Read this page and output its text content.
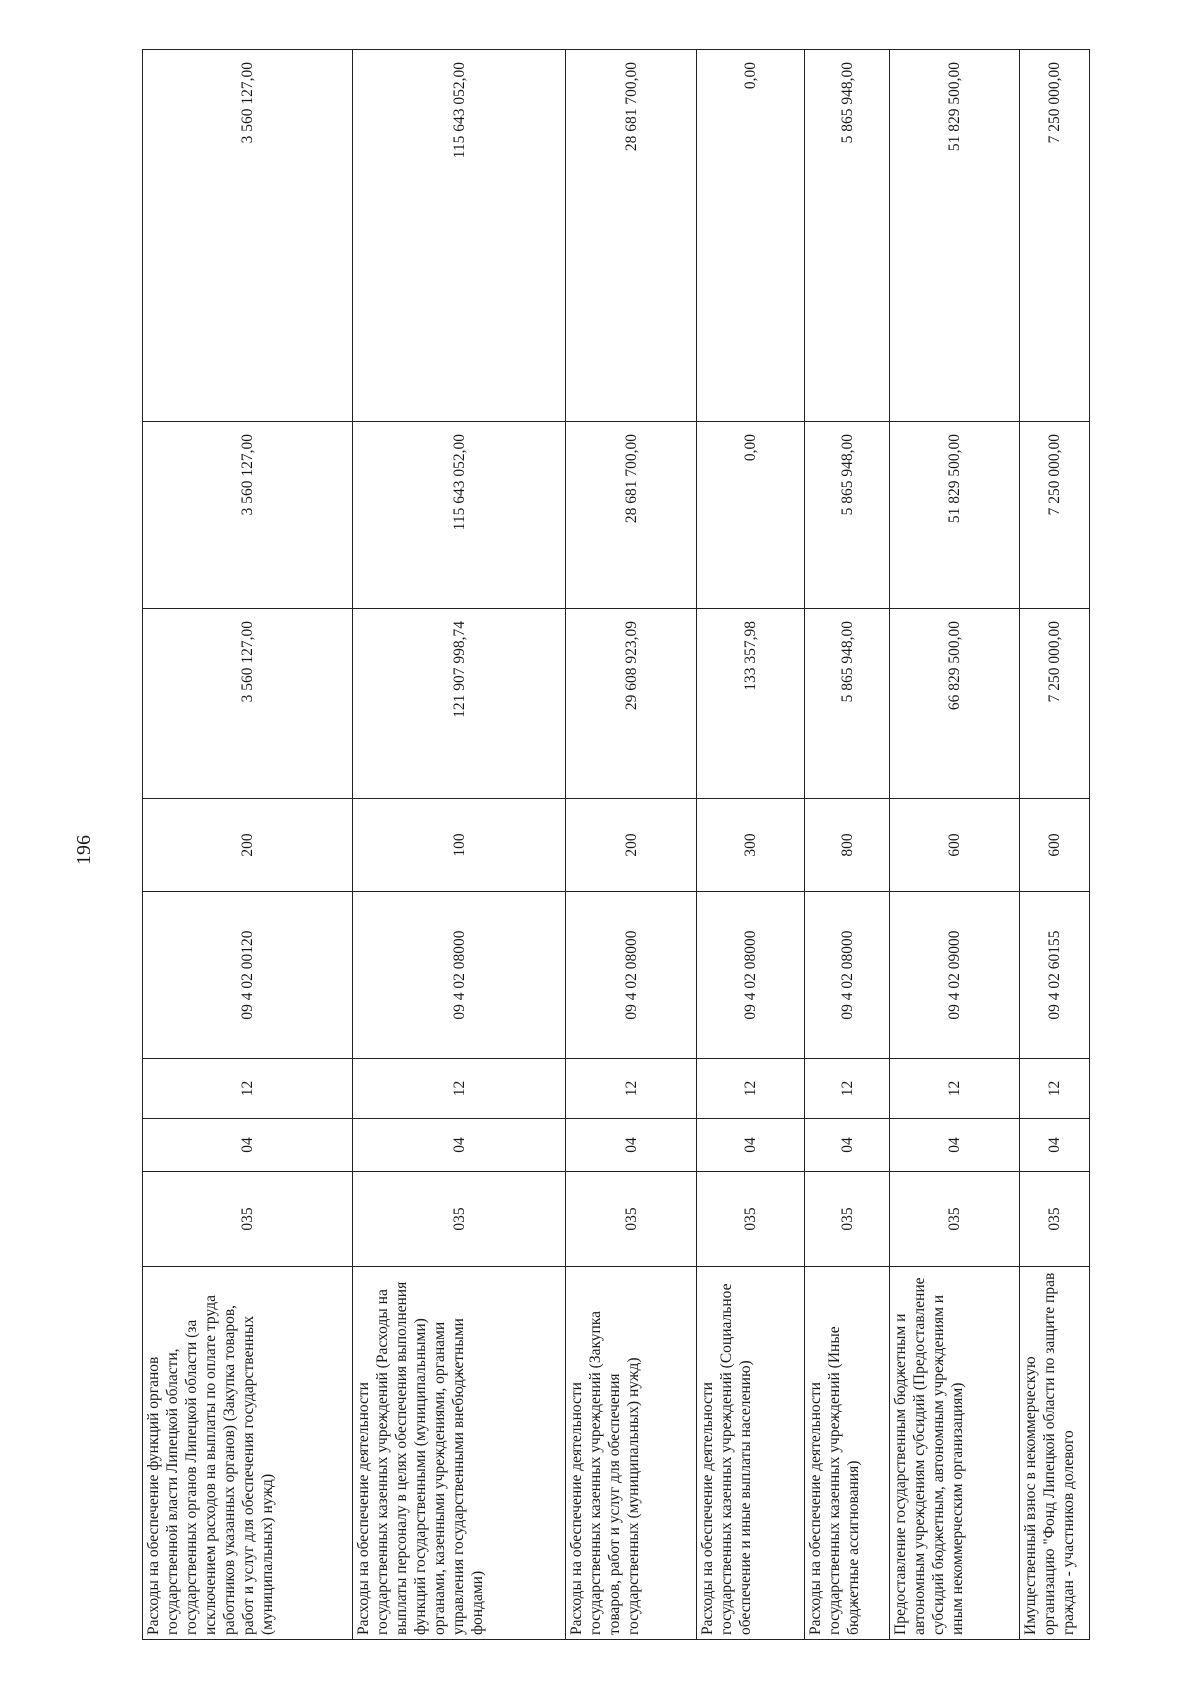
196
Расходы на обеспечение функций органов государственной власти Липецкой области, государственных органов Липецкой области (за исключением расходов на выплаты по оплате труда работников указанных органов) (Закупка товаров, работ и услуг для обеспечения государственных (муниципальных) нужд)	035	04	12	09 4 02 00120	200	3 560 127,00	3 560 127,00	3 560 127,00

Расходы на обеспечение деятельности государственных казенных учреждений (Расходы на выплаты персоналу в целях обеспечения выполнения функций государственными (муниципальными) органами, казенными учреждениями, органами управления государственными внебюджетными фондами)	035	04	12	09 4 02 08000	100	121 907 998,74	115 643 052,00	115 643 052,00

Расходы на обеспечение деятельности государственных казенных учреждений (Закупка товаров, работ и услуг для обеспечения государственных (муниципальных) нужд)	035	04	12	09 4 02 08000	200	29 608 923,09	28 681 700,00	28 681 700,00

Расходы на обеспечение деятельности государственных казенных учреждений (Социальное обеспечение и иные выплаты населению)	035	04	12	09 4 02 08000	300	133 357,98	0,00	0,00

Расходы на обеспечение деятельности государственных казенных учреждений (Иные бюджетные ассигнования)	035	04	12	09 4 02 08000	800	5 865 948,00	5 865 948,00	5 865 948,00

Предоставление государственным бюджетным и автономным учреждениям субсидий (Предоставление субсидий бюджетным, автономным учреждениям и иным некоммерческим организациям)	035	04	12	09 4 02 09000	600	66 829 500,00	51 829 500,00	51 829 500,00

Имущественный взнос в некоммерческую организацию "Фонд Липецкой области по защите прав граждан - участников долевого	035	04	12	09 4 02 60155	600	7 250 000,00	7 250 000,00	7 250 000,00
